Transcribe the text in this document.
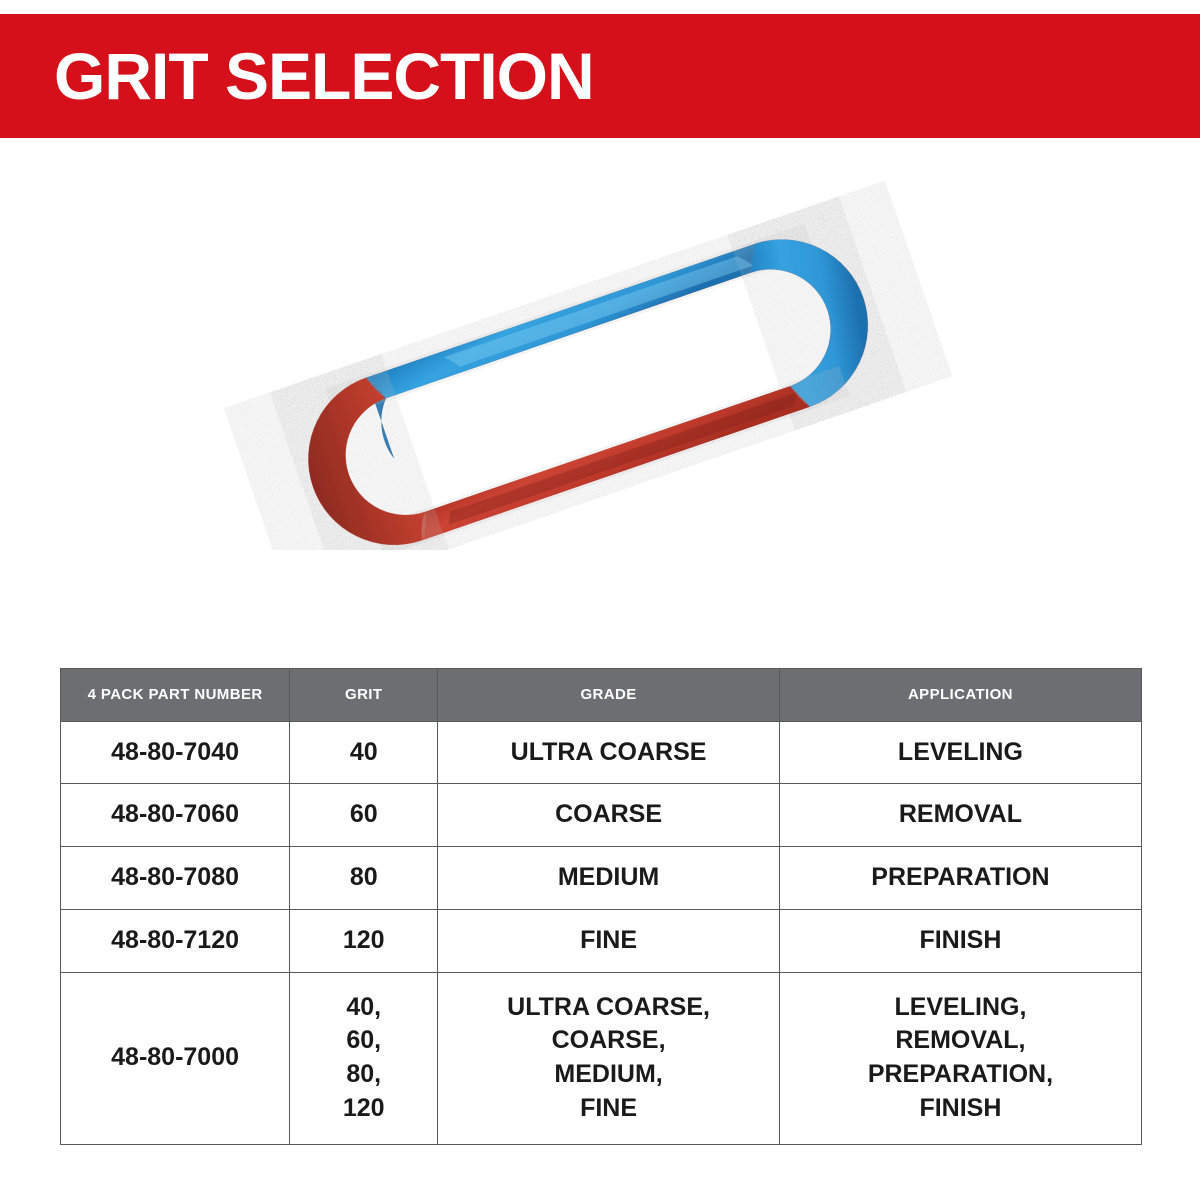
GRIT SELECTION
4 PACK PART NUMBER	GRIT	GRADE	APPLICATION
48-80-7040	40	ULTRA COARSE	LEVELING
48-80-7060	60	COARSE	REMOVAL
48-80-7080	80	MEDIUM	PREPARATION
48-80-7120	120	FINE	FINISH
48-80-7000	40,
60,
80,
120	ULTRA COARSE,
COARSE,
MEDIUM,
FINE	LEVELING,
REMOVAL,
PREPARATION,
FINISH
